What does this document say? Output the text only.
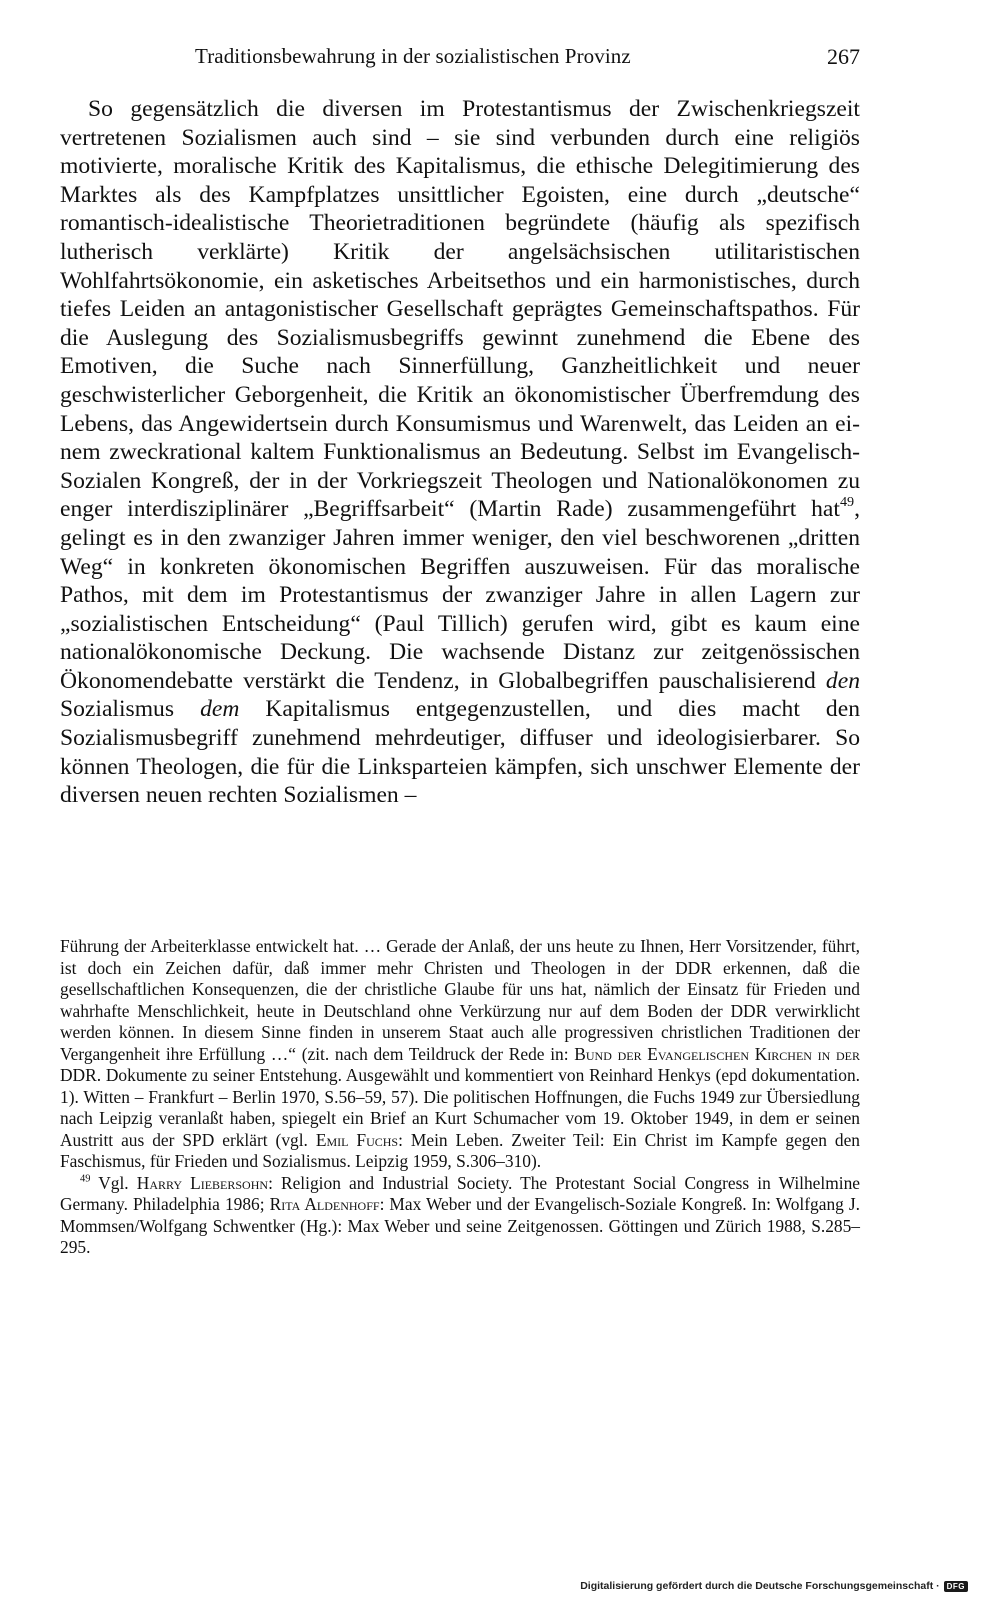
Traditionsbewahrung in der sozialistischen Provinz	267

So gegensätzlich die diversen im Protestantismus der Zwischenkriegszeit vertretenen Sozialismen auch sind – sie sind verbunden durch eine religiös motivierte, moralische Kritik des Kapitalismus, die ethische Delegitimierung des Marktes als des Kampfplatzes unsittlicher Egoisten, eine durch „deutsche“ romantisch-idealistische Theorietraditionen begründete (häufig als spezifisch lutherisch verklärte) Kritik der angelsächsischen utilitaristischen Wohlfahrtsökonomie, ein asketisches Arbeitsethos und ein harmonistisches, durch tiefes Leiden an antagonistischer Gesellschaft geprägtes Gemeinschaftspathos. Für die Auslegung des Sozialismusbegriffs gewinnt zunehmend die Ebene des Emotiven, die Suche nach Sinnerfüllung, Ganzheitlichkeit und neuer geschwisterlicher Geborgenheit, die Kritik an ökonomistischer Überfremdung des Lebens, das Angewidertsein durch Konsumismus und Warenwelt, das Leiden an einem zweckrational kaltem Funktionalismus an Bedeutung. Selbst im Evangelisch-Sozialen Kongreß, der in der Vorkriegszeit Theologen und Nationalökonomen zu enger interdisziplinärer „Begriffsarbeit“ (Martin Rade) zusammengeführt hat$^{49}$, gelingt es in den zwanziger Jahren immer weniger, den viel beschworenen „dritten Weg“ in konkreten ökonomischen Begriffen auszuweisen. Für das moralische Pathos, mit dem im Protestantismus der zwanziger Jahre in allen Lagern zur „sozialistischen Entscheidung“ (Paul Tillich) gerufen wird, gibt es kaum eine nationalökonomische Deckung. Die wachsende Distanz zur zeitgenössischen Ökonomendebatte verstärkt die Tendenz, in Globalbegriffen pauschalisierend den Sozialismus dem Kapitalismus entgegenzustellen, und dies macht den Sozialismusbegriff zunehmend mehrdeutiger, diffuser und ideologisierbarer. So können Theologen, die für die Linksparteien kämpfen, sich unschwer Elemente der diversen neuen rechten Sozialismen –

Führung der Arbeiterklasse entwickelt hat. … Gerade der Anlaß, der uns heute zu Ihnen, Herr Vorsitzender, führt, ist doch ein Zeichen dafür, daß immer mehr Christen und Theologen in der DDR erkennen, daß die gesellschaftlichen Konsequenzen, die der christliche Glaube für uns hat, nämlich der Einsatz für Frieden und wahrhafte Menschlichkeit, heute in Deutschland ohne Verkürzung nur auf dem Boden der DDR verwirklicht werden können. In diesem Sinne finden in unserem Staat auch alle progressiven christlichen Traditionen der Vergangenheit ihre Erfüllung …“ (zit. nach dem Teildruck der Rede in: Bund der Evangelischen Kirchen in der DDR. Dokumente zu seiner Entstehung. Ausgewählt und kommentiert von Reinhard Henkys (epd dokumentation. 1). Witten – Frankfurt – Berlin 1970, S.56–59, 57). Die politischen Hoffnungen, die Fuchs 1949 zur Übersiedlung nach Leipzig veranlaßt haben, spiegelt ein Brief an Kurt Schumacher vom 19. Oktober 1949, in dem er seinen Austritt aus der SPD erklärt (vgl. Emil Fuchs: Mein Leben. Zweiter Teil: Ein Christ im Kampfe gegen den Faschismus, für Frieden und Sozialismus. Leipzig 1959, S.306–310).

$^{49}$ Vgl. Harry Liebersohn: Religion and Industrial Society. The Protestant Social Congress in Wilhelmine Germany. Philadelphia 1986; Rita Aldenhoff: Max Weber und der Evangelisch-Soziale Kongreß. In: Wolfgang J. Mommsen/Wolfgang Schwentker (Hg.): Max Weber und seine Zeitgenossen. Göttingen und Zürich 1988, S.285–295.

Digitalisierung gefördert durch die Deutsche Forschungsgemeinschaft · DFG
